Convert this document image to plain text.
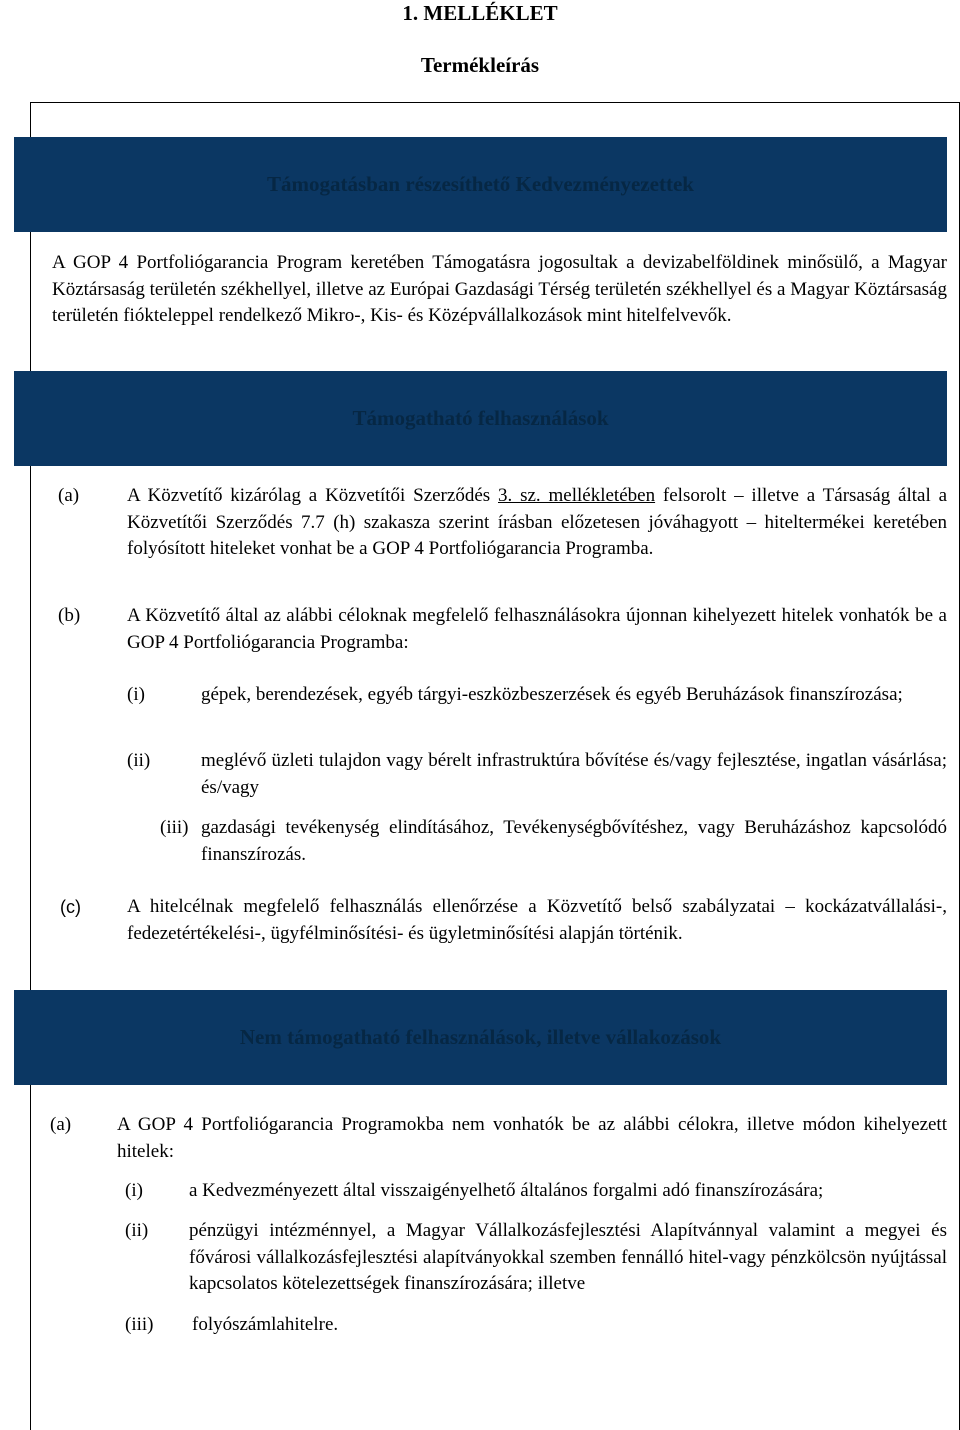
1. MELLÉKLET
Termékleírás
Támogatásban részesíthető Kedvezményezettek
A GOP 4 Portfoliógarancia Program keretében Támogatásra jogosultak a devizabelföldinek minősülő, a Magyar Köztársaság területén székhellyel, illetve az Európai Gazdasági Térség területén székhellyel és a Magyar Köztársaság területén fiókteleppel rendelkező Mikro-, Kis- és Középvállalkozások mint hitelfelvevők.
Támogatható felhasználások
(a)	A Közvetítő kizárólag a Közvetítői Szerződés 3. sz. mellékletében felsorolt – illetve a Társaság által a Közvetítői Szerződés 7.7 (h) szakasza szerint írásban előzetesen jóváhagyott – hiteltermékei keretében folyósított hiteleket vonhat be a GOP 4 Portfoliógarancia Programba.
(b) A Közvetítő által az alábbi céloknak megfelelő felhasználásokra újonnan kihelyezett hitelek vonhatók be a GOP 4 Portfoliógarancia Programba:
(i)	gépek, berendezések, egyéb tárgyi-eszközbeszerzések és egyéb Beruházások finanszírozása;
(ii)	meglévő üzleti tulajdon vagy bérelt infrastruktúra bővítése és/vagy fejlesztése, ingatlan vásárlása; és/vagy
(iii) gazdasági tevékenység elindításához, Tevékenységbővítéshez, vagy Beruházáshoz kapcsolódó finanszírozás.
(c) A hitelcélnak megfelelő felhasználás ellenőrzése a Közvetítő belső szabályzatai – kockázatvállalási-, fedezetértékelési-, ügyfélminősítési- és ügyletminősítési alapján történik.
Nem támogatható felhasználások, illetve vállakozások
(a) A GOP 4 Portfoliógarancia Programokba nem vonhatók be az alábbi célokra, illetve módon kihelyezett hitelek:
(i) a Kedvezményezett által visszaigényelhető általános forgalmi adó finanszírozására;
(ii) pénzügyi intézménnyel, a Magyar Vállalkozásfejlesztési Alapítvánnyal valamint a megyei és fővárosi vállalkozásfejlesztési alapítványokkal szemben fennálló hitel-vagy pénzkölcsön nyújtással kapcsolatos kötelezettségek finanszírozására; illetve
(iii) folyószámlahitelre.
